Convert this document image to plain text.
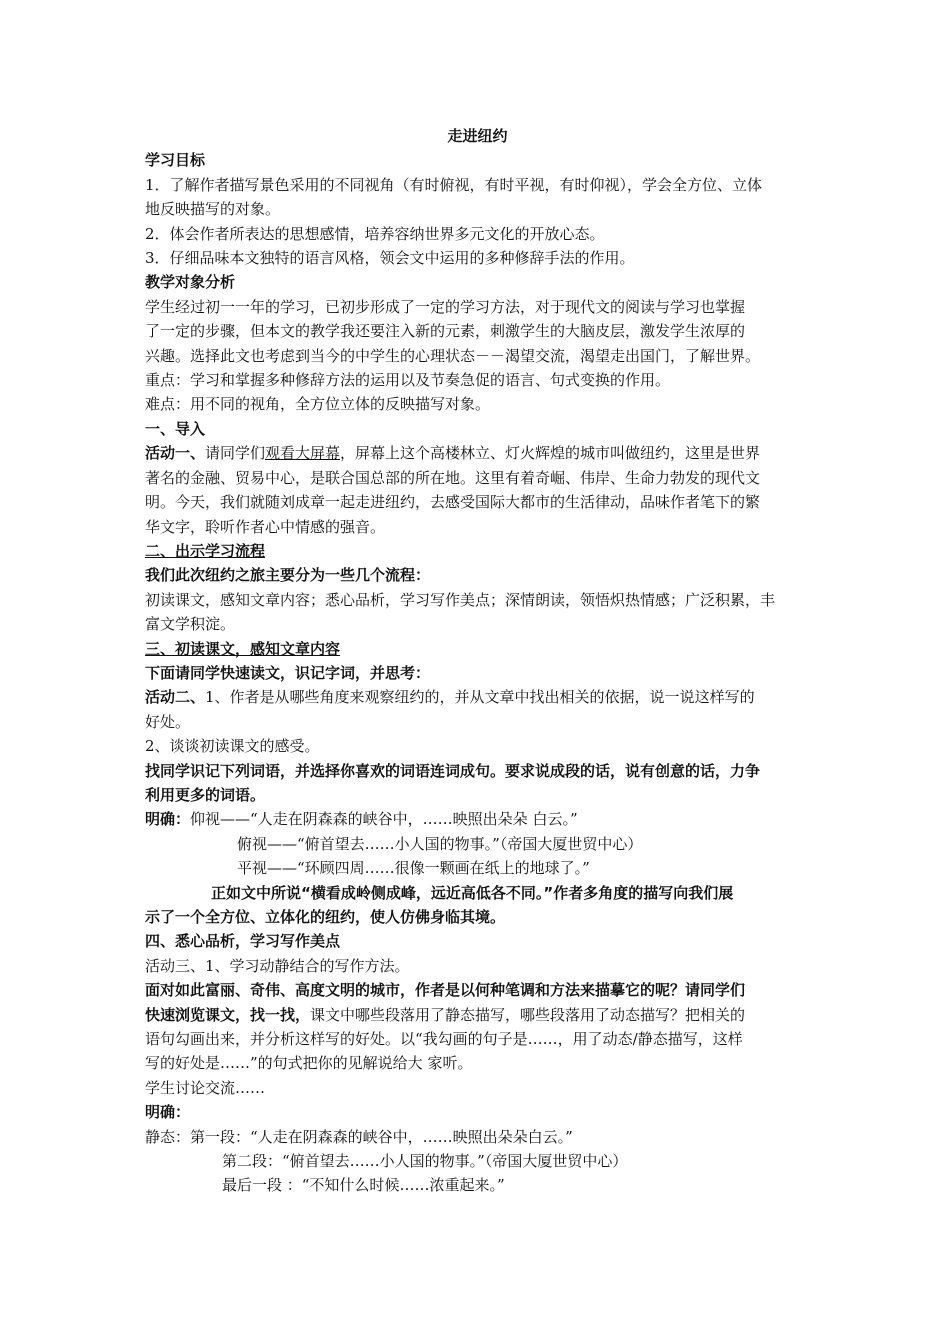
走进纽约
学习目标
1．了解作者描写景色采用的不同视角（有时俯视，有时平视，有时仰视），学会全方位、立体
地反映描写的对象。
2．体会作者所表达的思想感情，培养容纳世界多元文化的开放心态。
3．仔细品味本文独特的语言风格，领会文中运用的多种修辞手法的作用。
教学对象分析
学生经过初一一年的学习，已初步形成了一定的学习方法，对于现代文的阅读与学习也掌握
了一定的步骤，但本文的教学我还要注入新的元素，刺激学生的大脑皮层，激发学生浓厚的
兴趣。选择此文也考虑到当今的中学生的心理状态－－渴望交流，渴望走出国门，了解世界。
重点：学习和掌握多种修辞方法的运用以及节奏急促的语言、句式变换的作用。
难点：用不同的视角，全方位立体的反映描写对象。
一、导入
活动一、请同学们观看大屏幕，屏幕上这个高楼林立、灯火辉煌的城市叫做纽约，这里是世界
著名的金融、贸易中心，是联合国总部的所在地。这里有着奇崛、伟岸、生命力勃发的现代文
明。今天，我们就随刘成章一起走进纽约，去感受国际大都市的生活律动，品味作者笔下的繁
华文字，聆听作者心中情感的强音。
二、出示学习流程
我们此次纽约之旅主要分为一些几个流程：
初读课文，感知文章内容；悉心品析，学习写作美点；深情朗读，领悟炽热情感；广泛积累，丰
富文学积淀。
三、初读课文，感知文章内容
下面请同学快速读文，识记字词，并思考：
活动二、1、作者是从哪些角度来观察纽约的，并从文章中找出相关的依据，说一说这样写的
好处。
2、谈谈初读课文的感受。
找同学识记下列词语，并选择你喜欢的词语连词成句。要求说成段的话，说有创意的话，力争
利用更多的词语。
明确：仰视——“人走在阴森森的峡谷中，……映照出朵朵 白云。”
俯视——“俯首望去……小人国的物事。”（帝国大厦世贸中心）
平视——“环顾四周……很像一颗画在纸上的地球了。”
正如文中所说“横看成岭侧成峰，远近高低各不同。”作者多角度的描写向我们展
示了一个全方位、立体化的纽约，使人仿佛身临其境。
四、悉心品析，学习写作美点
活动三、1、学习动静结合的写作方法。
面对如此富丽、奇伟、高度文明的城市，作者是以何种笔调和方法来描摹它的呢？请同学们
快速浏览课文，找一找，课文中哪些段落用了静态描写，哪些段落用了动态描写？把相关的
语句勾画出来，并分析这样写的好处。以“我勾画的句子是……，用了动态/静态描写，这样
写的好处是……”的句式把你的见解说给大 家听。
学生讨论交流……
明确：
静态：第一段：“人走在阴森森的峡谷中，……映照出朵朵白云。”
第二段：“俯首望去……小人国的物事。”（帝国大厦世贸中心）
最后一段 ：“不知什么时候……浓重起来。”
